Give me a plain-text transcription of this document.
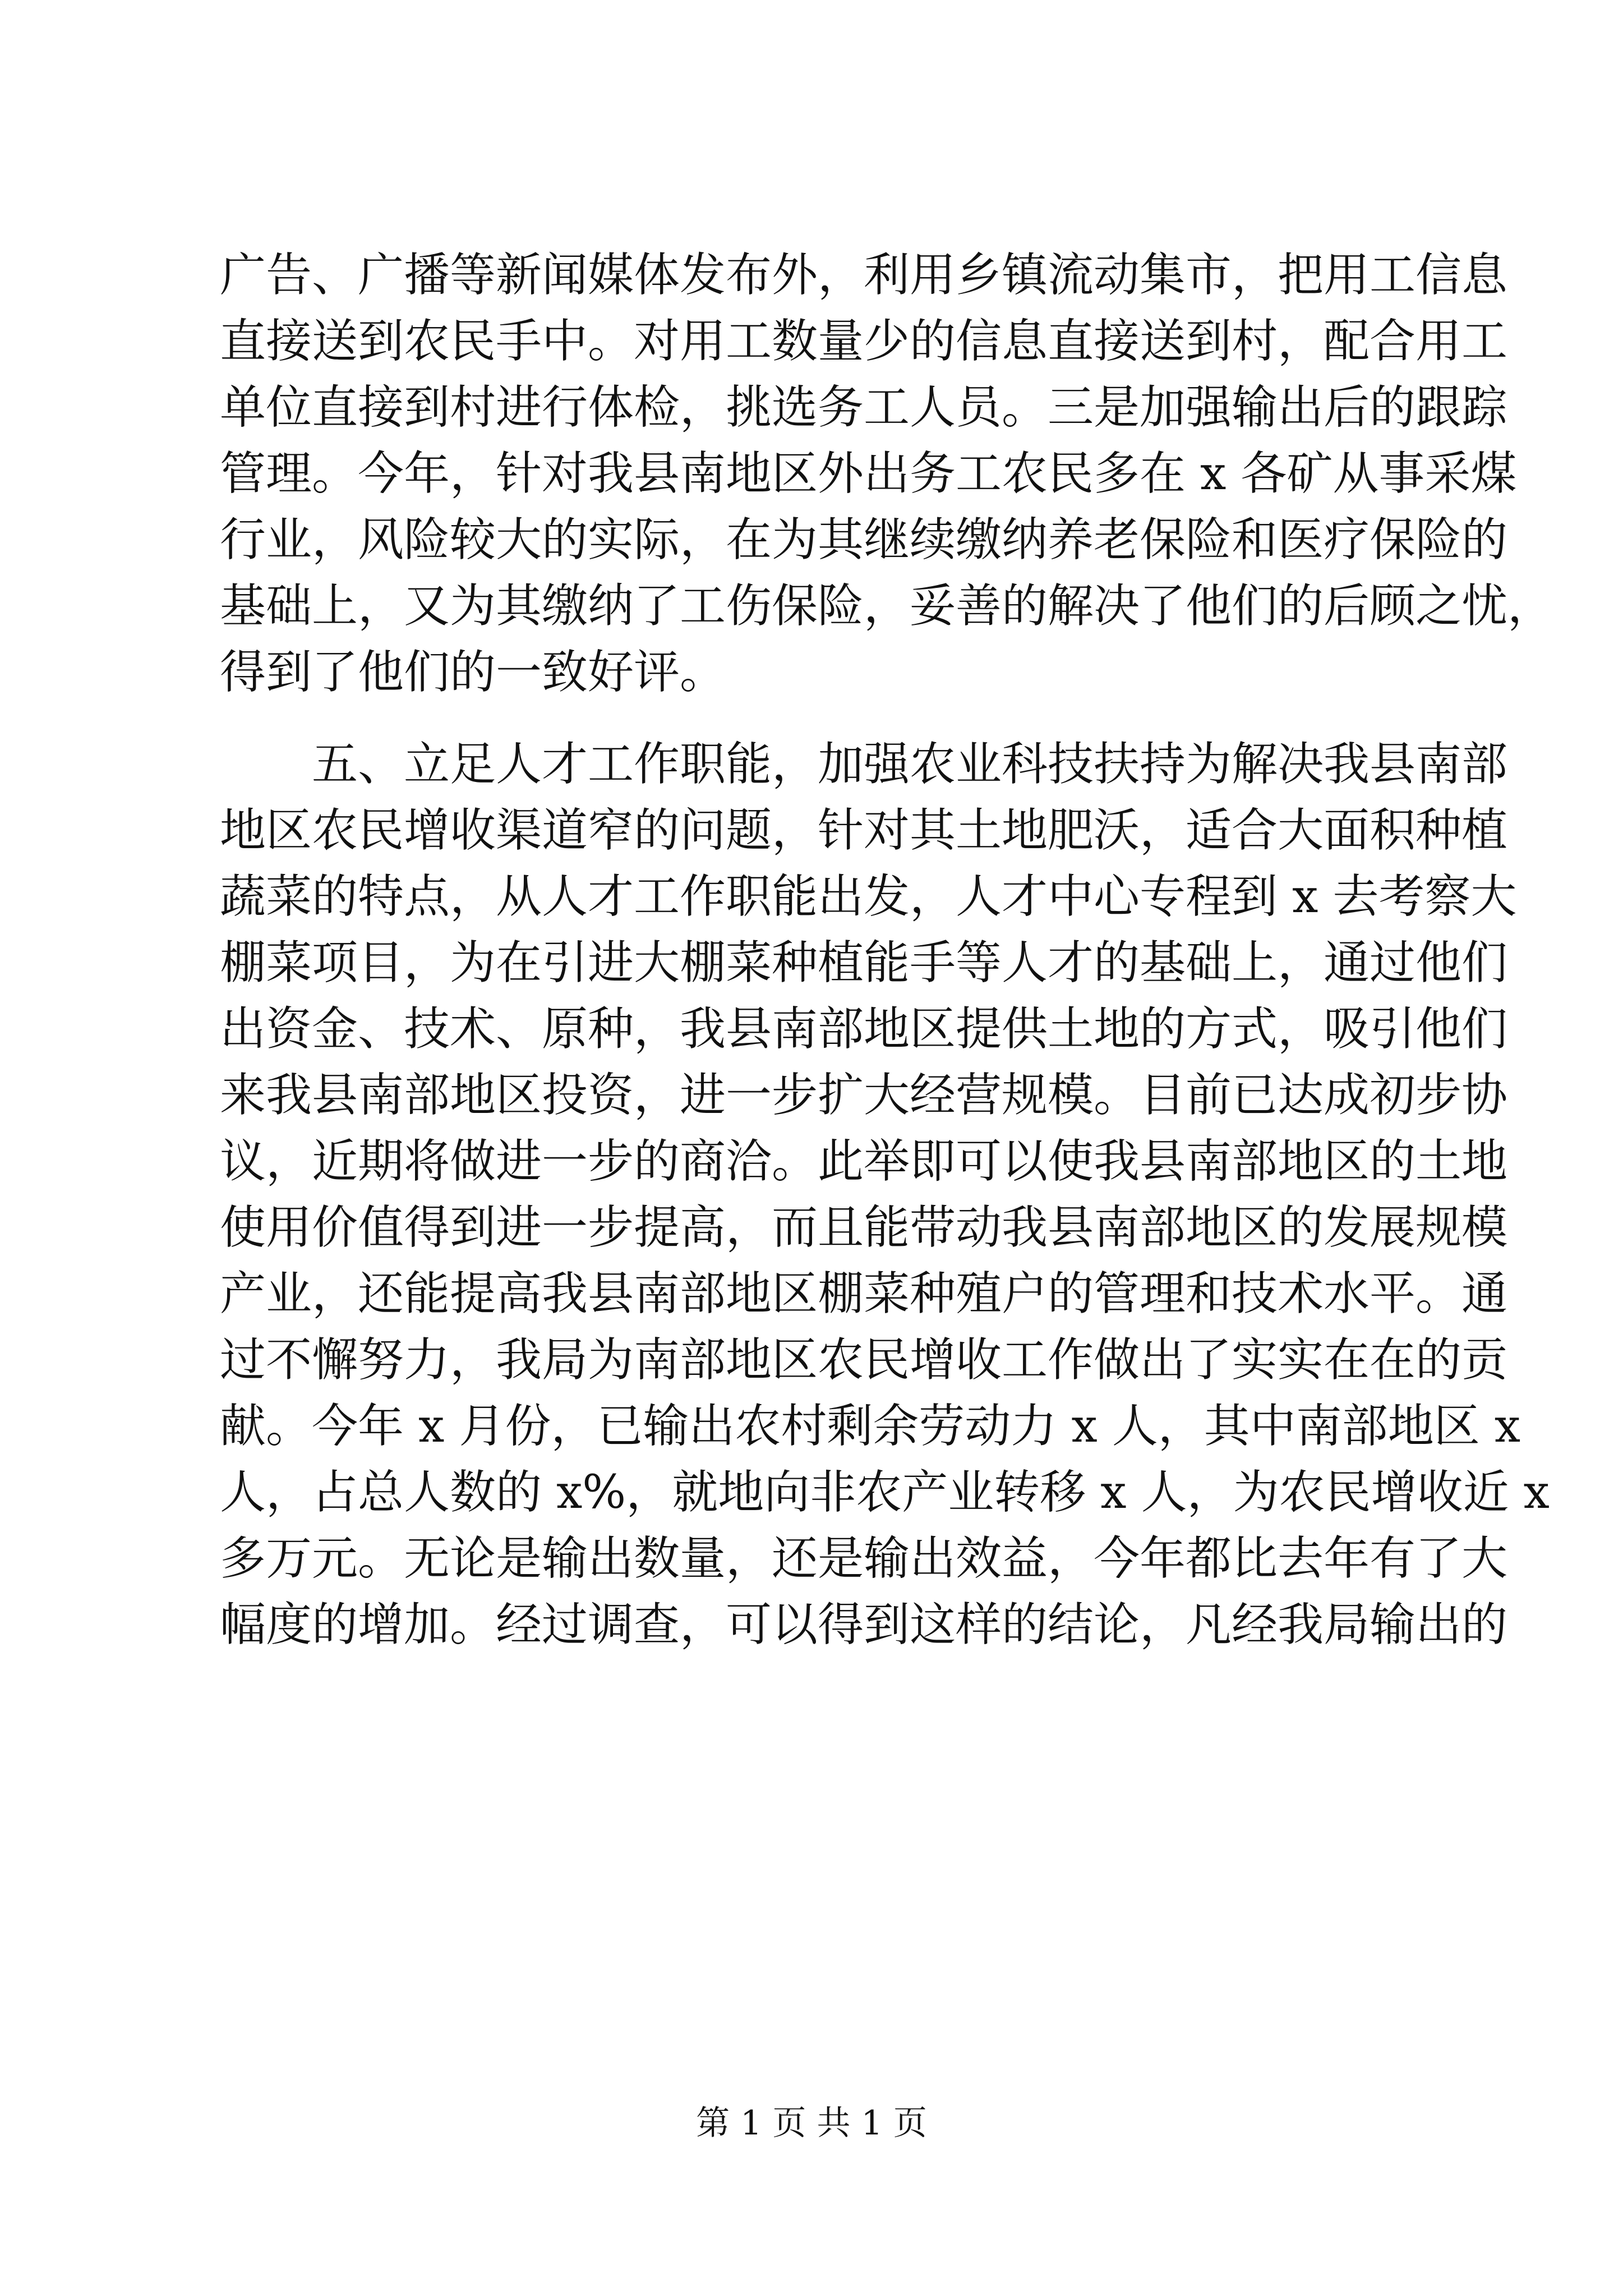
广告、广播等新闻媒体发布外，利用乡镇流动集市，把用工信息
直接送到农民手中。对用工数量少的信息直接送到村，配合用工
单位直接到村进行体检，挑选务工人员。三是加强输出后的跟踪
管理。今年，针对我县南地区外出务工农民多在 x 各矿从事采煤
行业，风险较大的实际，在为其继续缴纳养老保险和医疗保险的
基础上，又为其缴纳了工伤保险，妥善的解决了他们的后顾之忧，
得到了他们的一致好评。
　　五、立足人才工作职能，加强农业科技扶持为解决我县南部
地区农民增收渠道窄的问题，针对其土地肥沃，适合大面积种植
蔬菜的特点，从人才工作职能出发，人才中心专程到 x 去考察大
棚菜项目，为在引进大棚菜种植能手等人才的基础上，通过他们
出资金、技术、原种，我县南部地区提供土地的方式，吸引他们
来我县南部地区投资，进一步扩大经营规模。目前已达成初步协
议，近期将做进一步的商洽。此举即可以使我县南部地区的土地
使用价值得到进一步提高，而且能带动我县南部地区的发展规模
产业，还能提高我县南部地区棚菜种殖户的管理和技术水平。通
过不懈努力，我局为南部地区农民增收工作做出了实实在在的贡
献。今年 x 月份，已输出农村剩余劳动力 x 人，其中南部地区 x
人，占总人数的 x%，就地向非农产业转移 x 人，为农民增收近 x
多万元。无论是输出数量，还是输出效益，今年都比去年有了大
幅度的增加。经过调查，可以得到这样的结论，凡经我局输出的
第 1 页 共 1 页
